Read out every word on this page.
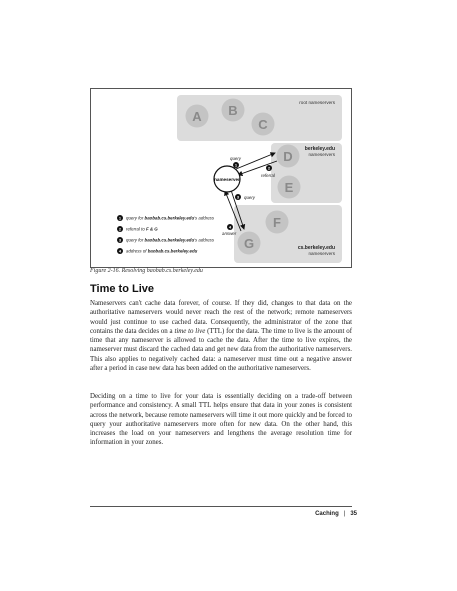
root nameservers
berkeley.edu
nameservers
cs.berkeley.edu
nameservers
A B
C
D
E
F
G
nameserver
1
query
2
referral
3 query
4
answer
1 query for baobab.cs.berkeley.edu's address
2 referral to F & G
3 query for baobab.cs.berkeley.edu's address
4 address of baobab.cs.berkeley.edu
Figure 2-16. Resolving baobab.cs.berkeley.edu
Time to Live

Nameservers can't cache data forever, of course. If they did, changes to that data on the authoritative nameservers would never reach the rest of the network; remote nameservers would just continue to use cached data. Consequently, the administrator of the zone that contains the data decides on a time to live (TTL) for the data. The time to live is the amount of time that any nameserver is allowed to cache the data. After the time to live expires, the nameserver must discard the cached data and get new data from the authoritative nameservers. This also applies to negatively cached data: a nameserver must time out a negative answer after a period in case new data has been added on the authoritative nameservers.

Deciding on a time to live for your data is essentially deciding on a trade-off between performance and consistency. A small TTL helps ensure that data in your zones is consistent across the network, because remote nameservers will time it out more quickly and be forced to query your authoritative nameservers more often for new data. On the other hand, this increases the load on your nameservers and lengthens the average resolution time for information in your zones.

Caching | 35
